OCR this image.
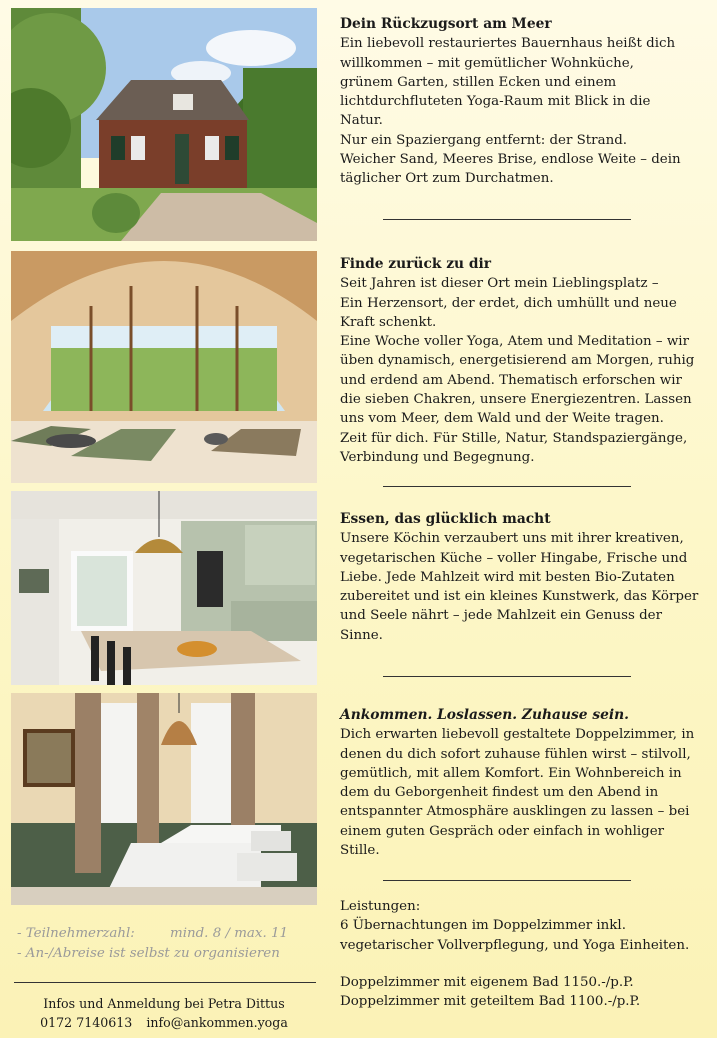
Dein Rückzugsort am Meer

Ein liebevoll restauriertes Bauernhaus heißt dich

willkommen – mit gemütlicher Wohnküche,

grünem Garten, stillen Ecken und einem

lichtdurchfluteten Yoga-Raum mit Blick in die

Natur.

Nur ein Spaziergang entfernt: der Strand.

Weicher Sand, Meeres Brise, endlose Weite – dein

täglicher Ort zum Durchatmen.

Finde zurück zu dir

Seit Jahren ist dieser Ort mein Lieblingsplatz –

Ein Herzensort, der erdet, dich umhüllt und neue

Kraft schenkt.

Eine Woche voller Yoga, Atem und Meditation – wir

üben dynamisch, energetisierend am Morgen, ruhig

und erdend am Abend. Thematisch erforschen wir

die sieben Chakren, unsere Energiezentren. Lassen

uns vom Meer, dem Wald und der Weite tragen.

Zeit für dich. Für Stille, Natur, Standspaziergänge,

Verbindung und Begegnung.

Essen, das glücklich macht

Unsere Köchin verzaubert uns mit ihrer kreativen,

vegetarischen Küche – voller Hingabe, Frische und

Liebe. Jede Mahlzeit wird mit besten Bio-Zutaten

zubereitet und ist ein kleines Kunstwerk, das Körper

und Seele nährt – jede Mahlzeit ein Genuss der

Sinne.

Ankommen. Loslassen. Zuhause sein.

Dich erwarten liebevoll gestaltete Doppelzimmer, in

denen du dich sofort zuhause fühlen wirst – stilvoll,

gemütlich, mit allem Komfort. Ein Wohnbereich in

dem du Geborgenheit findest um den Abend in

entspannter Atmosphäre ausklingen zu lassen – bei

einem guten Gespräch oder einfach in wohliger

Stille.

Leistungen:

6 Übernachtungen im Doppelzimmer inkl.

vegetarischer Vollverpflegung, und Yoga Einheiten.

Doppelzimmer mit eigenem Bad 1150.-/p.P.

Doppelzimmer mit geteiltem Bad 1100.-/p.P.

- Teilnehmerzahl:	mind. 8 / max. 11
- An-/Abreise ist selbst zu organisieren
Infos und Anmeldung bei Petra Dittus
0172 7140613 info@ankommen.yoga
